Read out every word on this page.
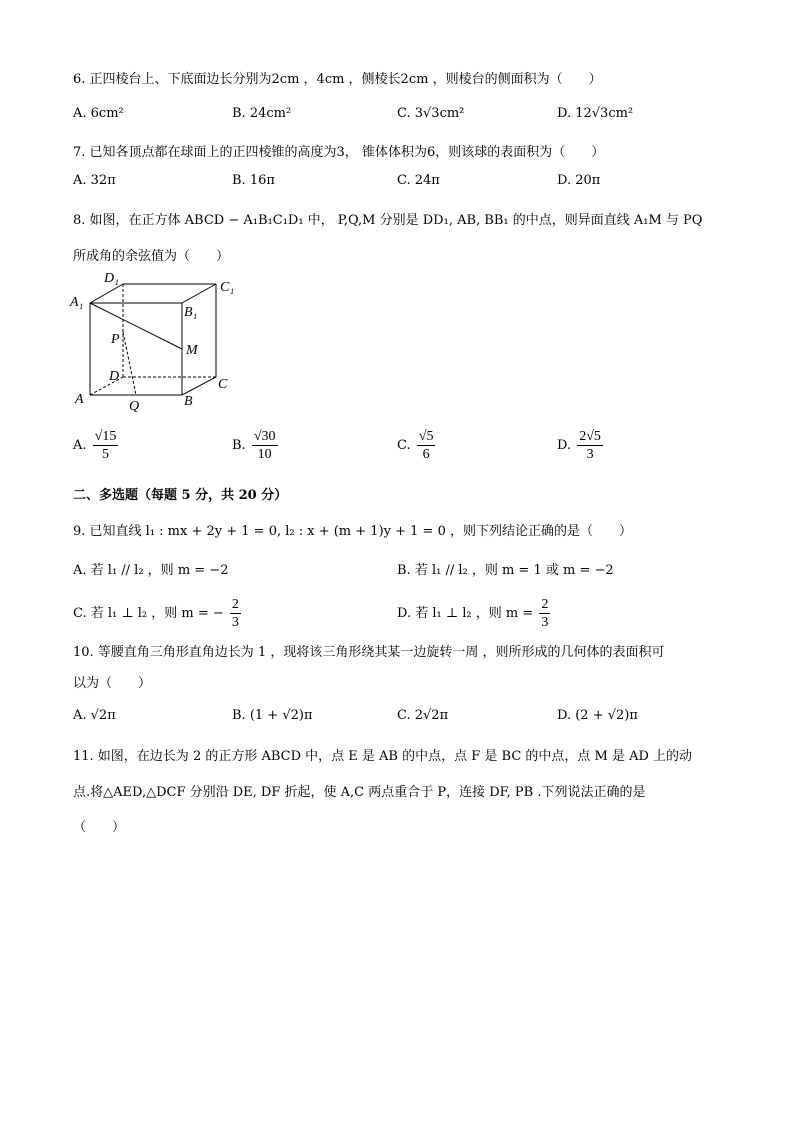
6. 正四棱台上、下底面边长分别为2cm ，4cm ，侧棱长2cm ，则棱台的侧面积为（　　）
A. 6cm²	B. 24cm²	C. 3√3cm²	D. 12√3cm²
7. 已知各顶点都在球面上的正四棱锥的高度为3， 锥体体积为6，则该球的表面积为（　　）
A. 32π	B. 16π	C. 24π	D. 20π
8. 如图，在正方体 ABCD − A₁B₁C₁D₁ 中， P,Q,M 分别是 DD₁, AB, BB₁ 的中点，则异面直线 A₁M 与 PQ
所成角的余弦值为（　　）
D₁
C₁
A₁
B₁
P
M
D
C
A	Q	B
A. $\frac{√15}{5}$	B. $\frac{√30}{10}$	C. $\frac{√5}{6}$	D. $\frac{2√5}{3}$
二、多选题（每题 5 分，共 20 分）
9. 已知直线 l₁ : mx + 2y + 1 = 0, l₂ : x + (m + 1)y + 1 = 0 ，则下列结论正确的是（　　）
A. 若 l₁ // l₂ ，则 m = −2	B. 若 l₁ // l₂ ，则 m = 1 或 m = −2
C. 若 l₁ ⊥ l₂ ，则 m = − $\frac{2}{3}$	D. 若 l₁ ⊥ l₂ ，则 $m = \frac{2}{3}$
10. 等腰直角三角形直角边长为 1 ，现将该三角形绕其某一边旋转一周 ，则所形成的几何体的表面积可
以为（　　）
A. √2π	B. (1 + √2)π	C. 2√2π	D. (2 + √2)π
11. 如图，在边长为 2 的正方形 ABCD 中，点 E 是 AB 的中点，点 F 是 BC 的中点，点 M 是 AD 上的动
点.将△AED,△DCF 分别沿 DE, DF 折起，使 A,C 两点重合于 P，连接 DF, PB .下列说法正确的是
（　　）
